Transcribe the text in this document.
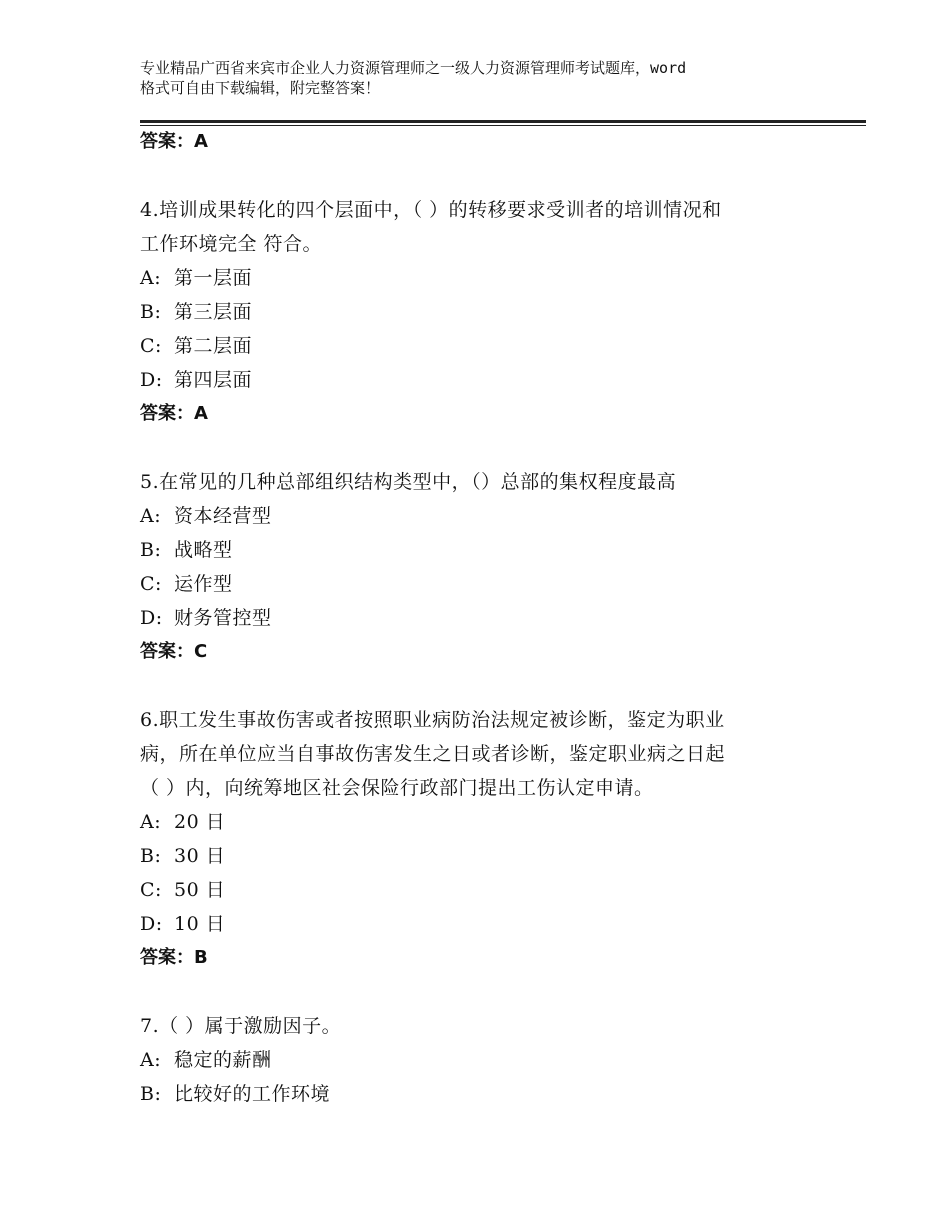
专业精品广西省来宾市企业人力资源管理师之一级人力资源管理师考试题库，word
格式可自由下载编辑，附完整答案！

答案：A

4.培训成果转化的四个层面中，（ ）的转移要求受训者的培训情况和

工作环境完全 符合。

A: 第一层面

B: 第三层面

C: 第二层面

D: 第四层面

答案：A

5.在常见的几种总部组织结构类型中，（）总部的集权程度最高

A: 资本经营型

B: 战略型

C: 运作型

D: 财务管控型

答案：C

6.职工发生事故伤害或者按照职业病防治法规定被诊断，鉴定为职业

病，所在单位应当自事故伤害发生之日或者诊断，鉴定职业病之日起

（ ）内，向统筹地区社会保险行政部门提出工伤认定申请。

A: 20 日

B: 30 日

C: 50 日

D: 10 日

答案：B

7.（ ）属于激励因子。

A: 稳定的薪酬

B: 比较好的工作环境
